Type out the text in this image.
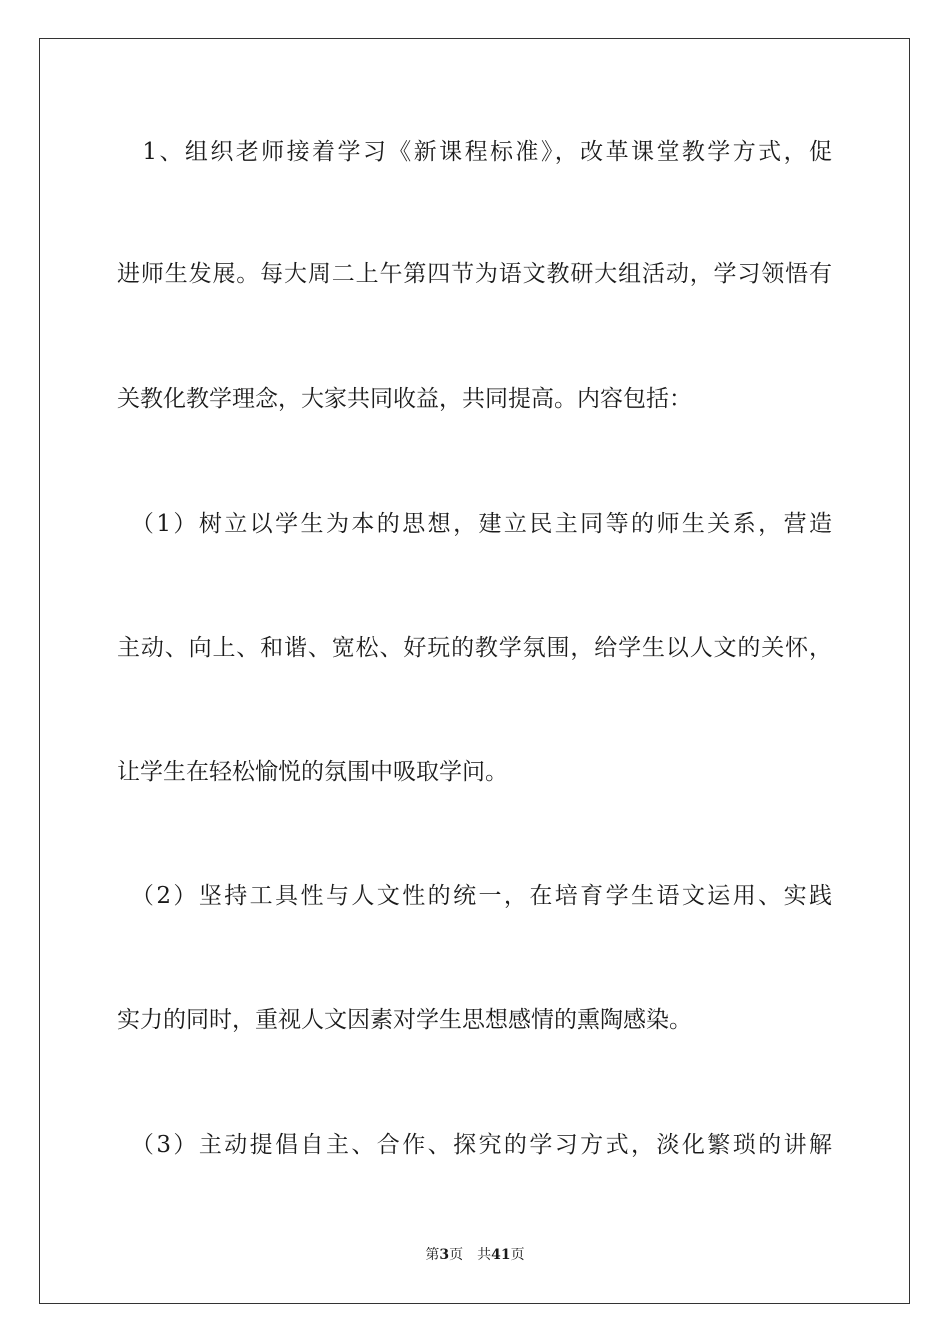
　1、组织老师接着学习《新课程标准》，改革课堂教学方式，促
进师生发展。每大周二上午第四节为语文教研大组活动，学习领悟有
关教化教学理念，大家共同收益，共同提高。内容包括：
　（1）树立以学生为本的思想，建立民主同等的师生关系，营造
主动、向上、和谐、宽松、好玩的教学氛围，给学生以人文的关怀，
让学生在轻松愉悦的氛围中吸取学问。
　（2）坚持工具性与人文性的统一，在培育学生语文运用、实践
实力的同时，重视人文因素对学生思想感情的熏陶感染。
　（3）主动提倡自主、合作、探究的学习方式，淡化繁琐的讲解
第3页 共41页
